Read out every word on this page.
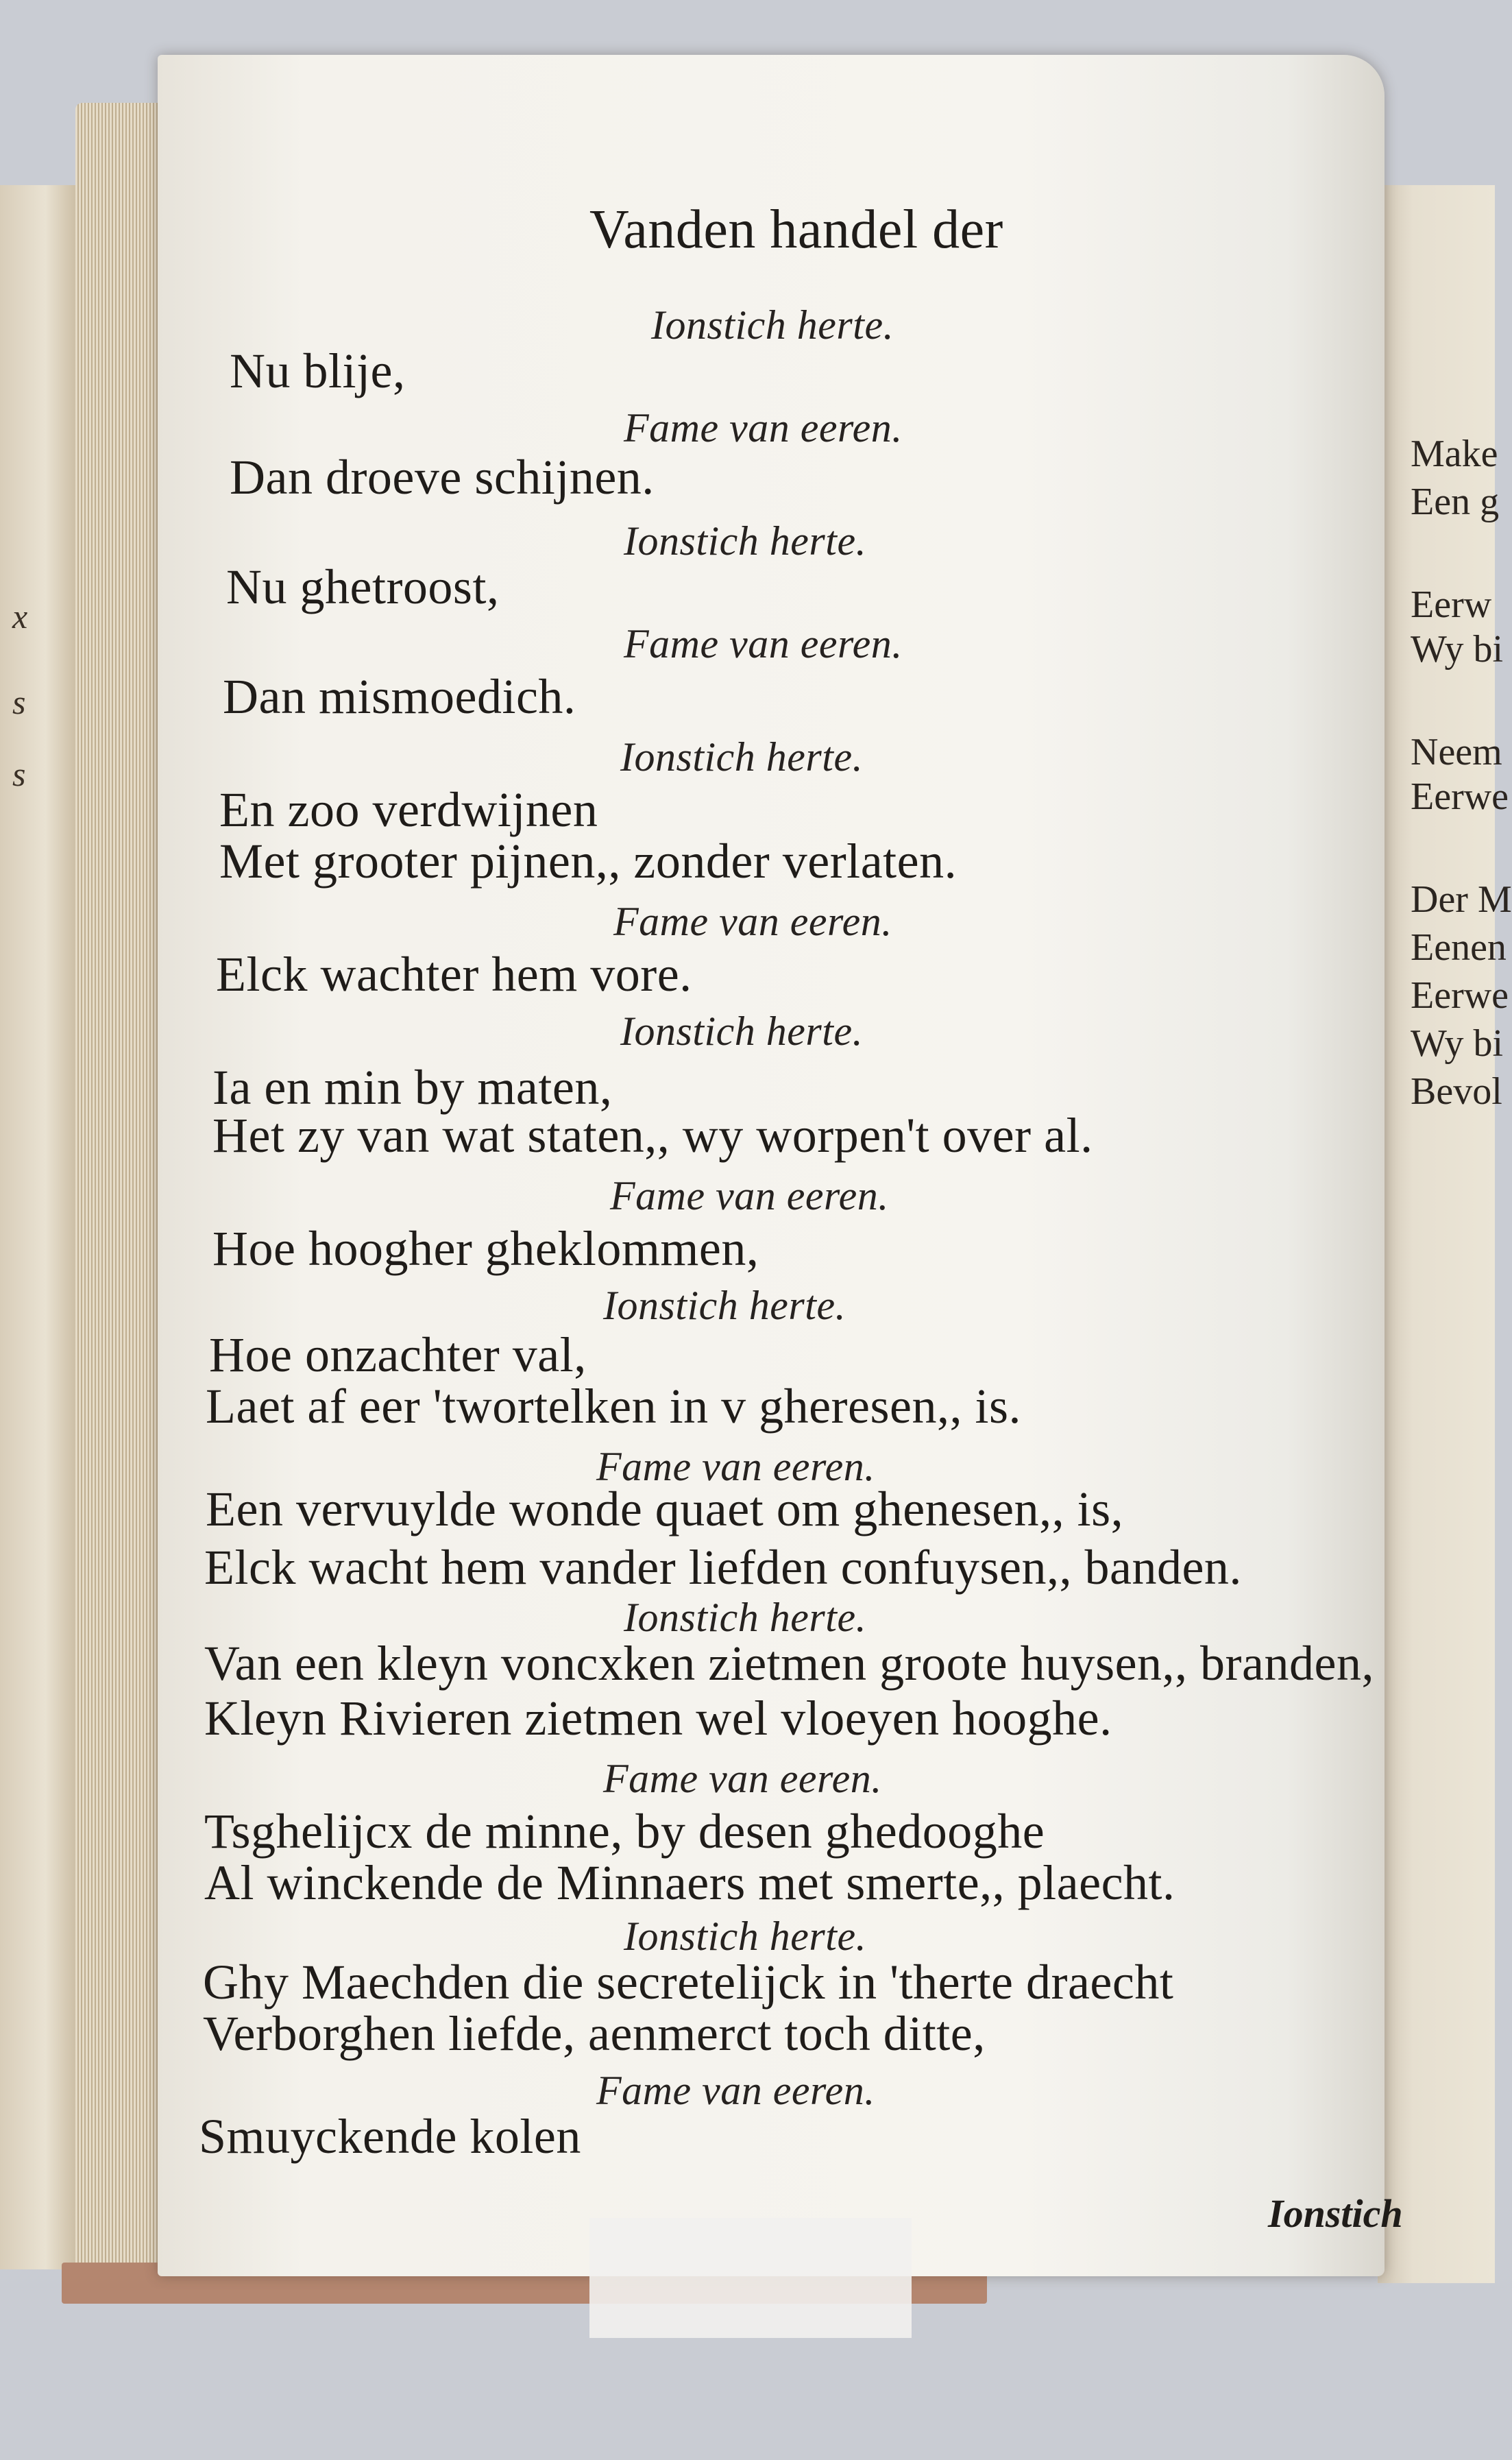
x
s
s
Make
Een g
Eerw
Wy bi
Neem
Eerwe
Der M
Eenen
Eerwe
Wy bi
Bevol
Vanden handel der
Ionstich herte.
Nu blije,
Fame van eeren.
Dan droeve schijnen.
Ionstich herte.
Nu ghetroost,
Fame van eeren.
Dan mismoedich.
Ionstich herte.
En zoo verdwijnen
Met grooter pijnen,, zonder verlaten.
Fame van eeren.
Elck wachter hem vore.
Ionstich herte.
Ia en min by maten,
Het zy van wat staten,, wy worpen't over al.
Fame van eeren.
Hoe hoogher gheklommen,
Ionstich herte.
Hoe onzachter val,
Laet af eer 'twortelken in v gheresen,, is.
Fame van eeren.
Een vervuylde wonde quaet om ghenesen,, is,
Elck wacht hem vander liefden confuysen,, banden.
Ionstich herte.
Van een kleyn voncxken zietmen groote huysen,, branden,
Kleyn Rivieren zietmen wel vloeyen hooghe.
Fame van eeren.
Tsghelijcx de minne, by desen ghedooghe
Al winckende de Minnaers met smerte,, plaecht.
Ionstich herte.
Ghy Maechden die secretelijck in 'therte draecht
Verborghen liefde, aenmerct toch ditte,
Fame van eeren.
Smuyckende kolen
Ionstich
